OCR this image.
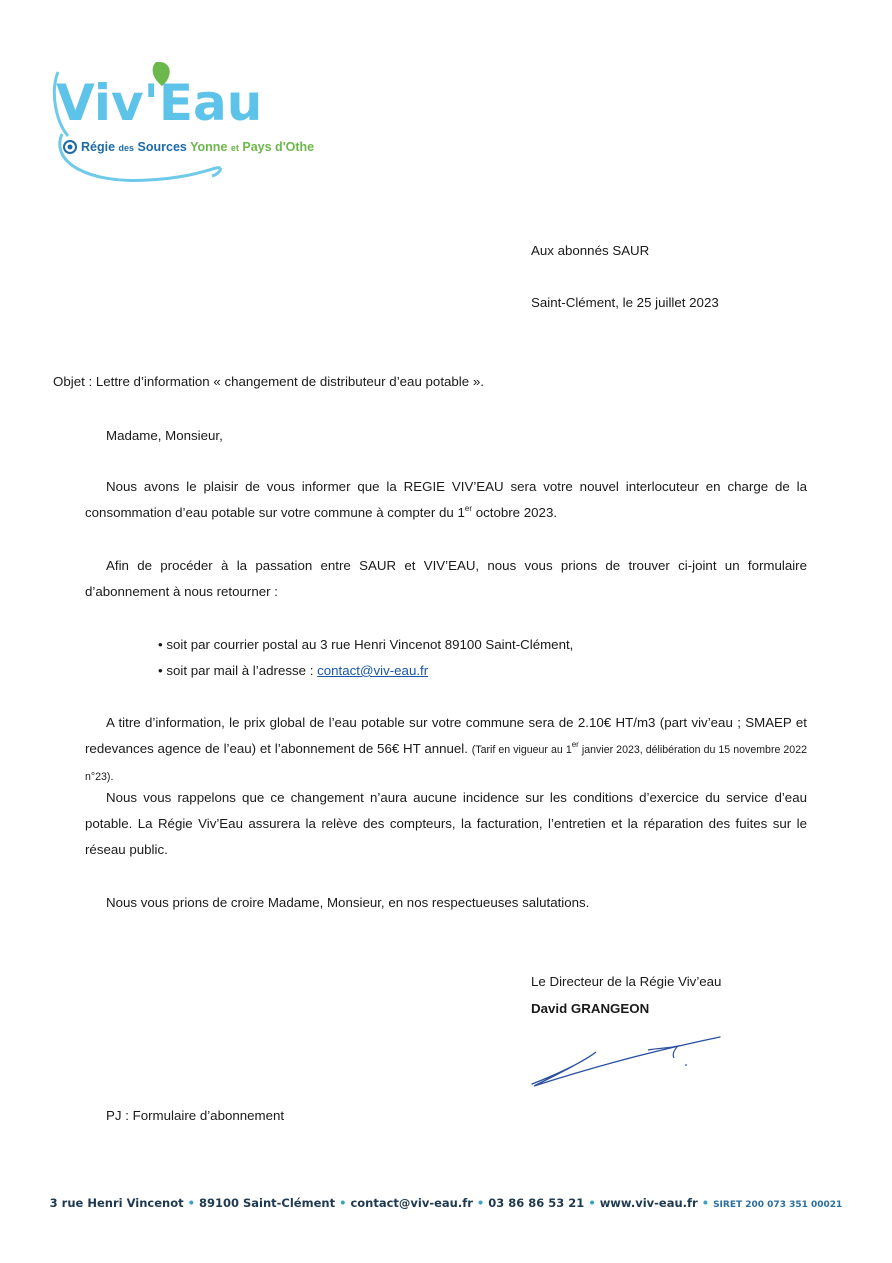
Viv'Eau
Régie des Sources Yonne et Pays d'Othe

Aux abonnés SAUR

Saint-Clément, le 25 juillet 2023

Objet : Lettre d’information « changement de distributeur d’eau potable ».

Madame, Monsieur,

Nous avons le plaisir de vous informer que la REGIE VIV’EAU sera votre nouvel interlocuteur en charge de la consommation d’eau potable sur votre commune à compter du 1er octobre 2023.

Afin de procéder à la passation entre SAUR et VIV’EAU, nous vous prions de trouver ci-joint un formulaire d’abonnement à nous retourner :

• soit par courrier postal au 3 rue Henri Vincenot 89100 Saint-Clément,
• soit par mail à l’adresse : contact@viv-eau.fr

A titre d’information, le prix global de l’eau potable sur votre commune sera de 2.10€ HT/m3 (part viv’eau ; SMAEP et redevances agence de l’eau) et l’abonnement de 56€ HT annuel. (Tarif en vigueur au 1er janvier 2023, délibération du 15 novembre 2022 n°23).

Nous vous rappelons que ce changement n’aura aucune incidence sur les conditions d’exercice du service d’eau potable. La Régie Viv’Eau assurera la relève des compteurs, la facturation, l’entretien et la réparation des fuites sur le réseau public.

Nous vous prions de croire Madame, Monsieur, en nos respectueuses salutations.

Le Directeur de la Régie Viv’eau

David GRANGEON

PJ : Formulaire d’abonnement

3 rue Henri Vincenot • 89100 Saint-Clément • contact@viv-eau.fr • 03 86 86 53 21 • www.viv-eau.fr • SIRET 200 073 351 00021
